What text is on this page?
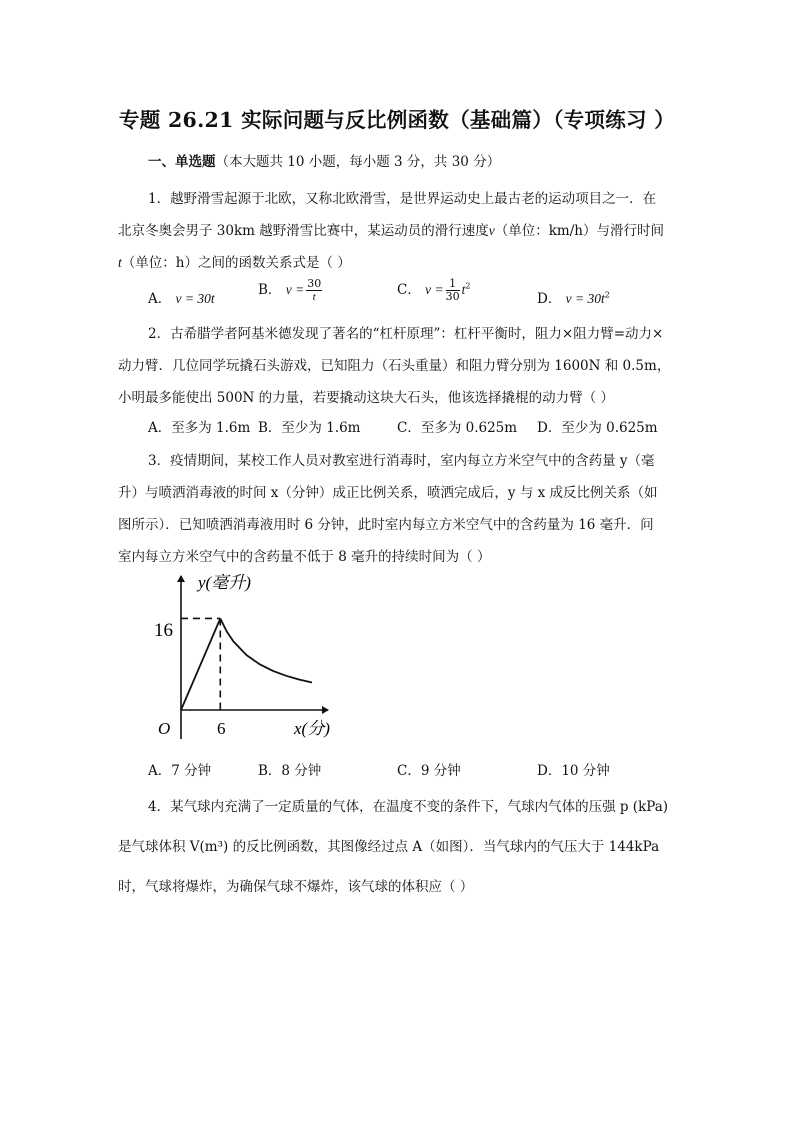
专题 26.21 实际问题与反比例函数（基础篇）（专项练习 ）
一、单选题（本大题共 10 小题，每小题 3 分，共 30 分）
1．越野滑雪起源于北欧，又称北欧滑雪，是世界运动史上最古老的运动项目之一．在
北京冬奥会男子 30km 越野滑雪比赛中，某运动员的滑行速度v（单位：km/h）与滑行时间
t（单位：h）之间的函数关系式是（ ）
A． v = 30t
B． $v = \frac{30}{t}$	C． $v = \frac{1}{30} t^2$
D． $v = 30t^2$
2．古希腊学者阿基米德发现了著名的“杠杆原理”：杠杆平衡时，阻力×阻力臂=动力×
动力臂．几位同学玩撬石头游戏，已知阻力（石头重量）和阻力臂分别为 1600N 和 0.5m，
小明最多能使出 500N 的力量，若要撬动这块大石头，他该选择撬棍的动力臂（ ）
A．至多为 1.6m B．至少为 1.6m	C．至多为 0.625m D．至少为 0.625m
3．疫情期间，某校工作人员对教室进行消毒时，室内每立方米空气中的含药量 y（毫
升）与喷洒消毒液的时间 x（分钟）成正比例关系，喷洒完成后，y 与 x 成反比例关系（如
图所示）．已知喷洒消毒液用时 6 分钟，此时室内每立方米空气中的含药量为 16 毫升．问
室内每立方米空气中的含药量不低于 8 毫升的持续时间为（ ）
y(毫升)
x(分)
O
16
6
A．7 分钟	B．8 分钟	C．9 分钟	D．10 分钟
4．某气球内充满了一定质量的气体，在温度不变的条件下，气球内气体的压强 p (kPa)
是气球体积 V(m³) 的反比例函数，其图像经过点 A（如图）．当气球内的气压大于 144kPa
时，气球将爆炸，为确保气球不爆炸，该气球的体积应（ ）
